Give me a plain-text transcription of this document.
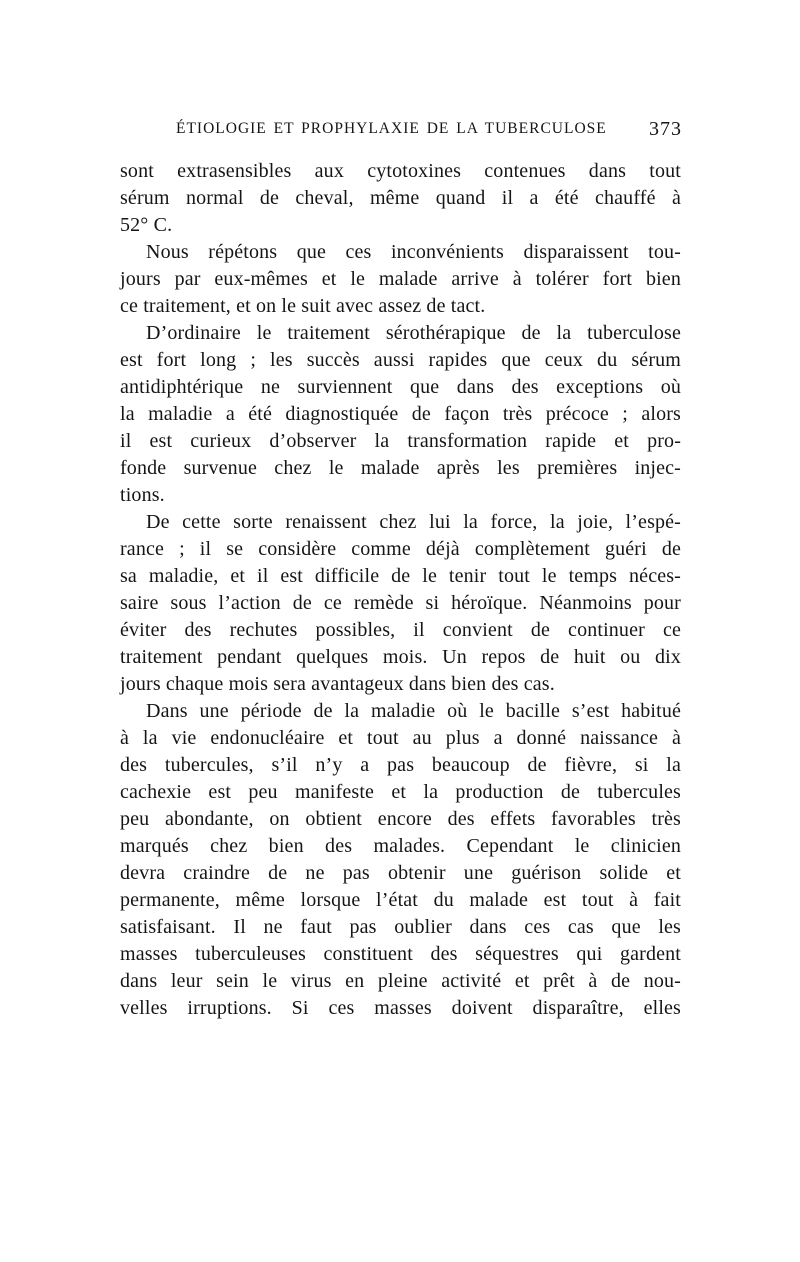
ÉTIOLOGIE ET PROPHYLAXIE DE LA TUBERCULOSE 373
sont extrasensibles aux cytotoxines contenues dans tout
sérum normal de cheval, même quand il a été chauffé à
52° C.
Nous répétons que ces inconvénients disparaissent tou-
jours par eux-mêmes et le malade arrive à tolérer fort bien
ce traitement, et on le suit avec assez de tact.
D’ordinaire le traitement sérothérapique de la tuberculose
est fort long ; les succès aussi rapides que ceux du sérum
antidiphtérique ne surviennent que dans des exceptions où
la maladie a été diagnostiquée de façon très précoce ; alors
il est curieux d’observer la transformation rapide et pro-
fonde survenue chez le malade après les premières injec-
tions.
De cette sorte renaissent chez lui la force, la joie, l’espé-
rance ; il se considère comme déjà complètement guéri de
sa maladie, et il est difficile de le tenir tout le temps néces-
saire sous l’action de ce remède si héroïque. Néanmoins pour
éviter des rechutes possibles, il convient de continuer ce
traitement pendant quelques mois. Un repos de huit ou dix
jours chaque mois sera avantageux dans bien des cas.
Dans une période de la maladie où le bacille s’est habitué
à la vie endonucléaire et tout au plus a donné naissance à
des tubercules, s’il n’y a pas beaucoup de fièvre, si la
cachexie est peu manifeste et la production de tubercules
peu abondante, on obtient encore des effets favorables très
marqués chez bien des malades. Cependant le clinicien
devra craindre de ne pas obtenir une guérison solide et
permanente, même lorsque l’état du malade est tout à fait
satisfaisant. Il ne faut pas oublier dans ces cas que les
masses tuberculeuses constituent des séquestres qui gardent
dans leur sein le virus en pleine activité et prêt à de nou-
velles irruptions. Si ces masses doivent disparaître, elles
